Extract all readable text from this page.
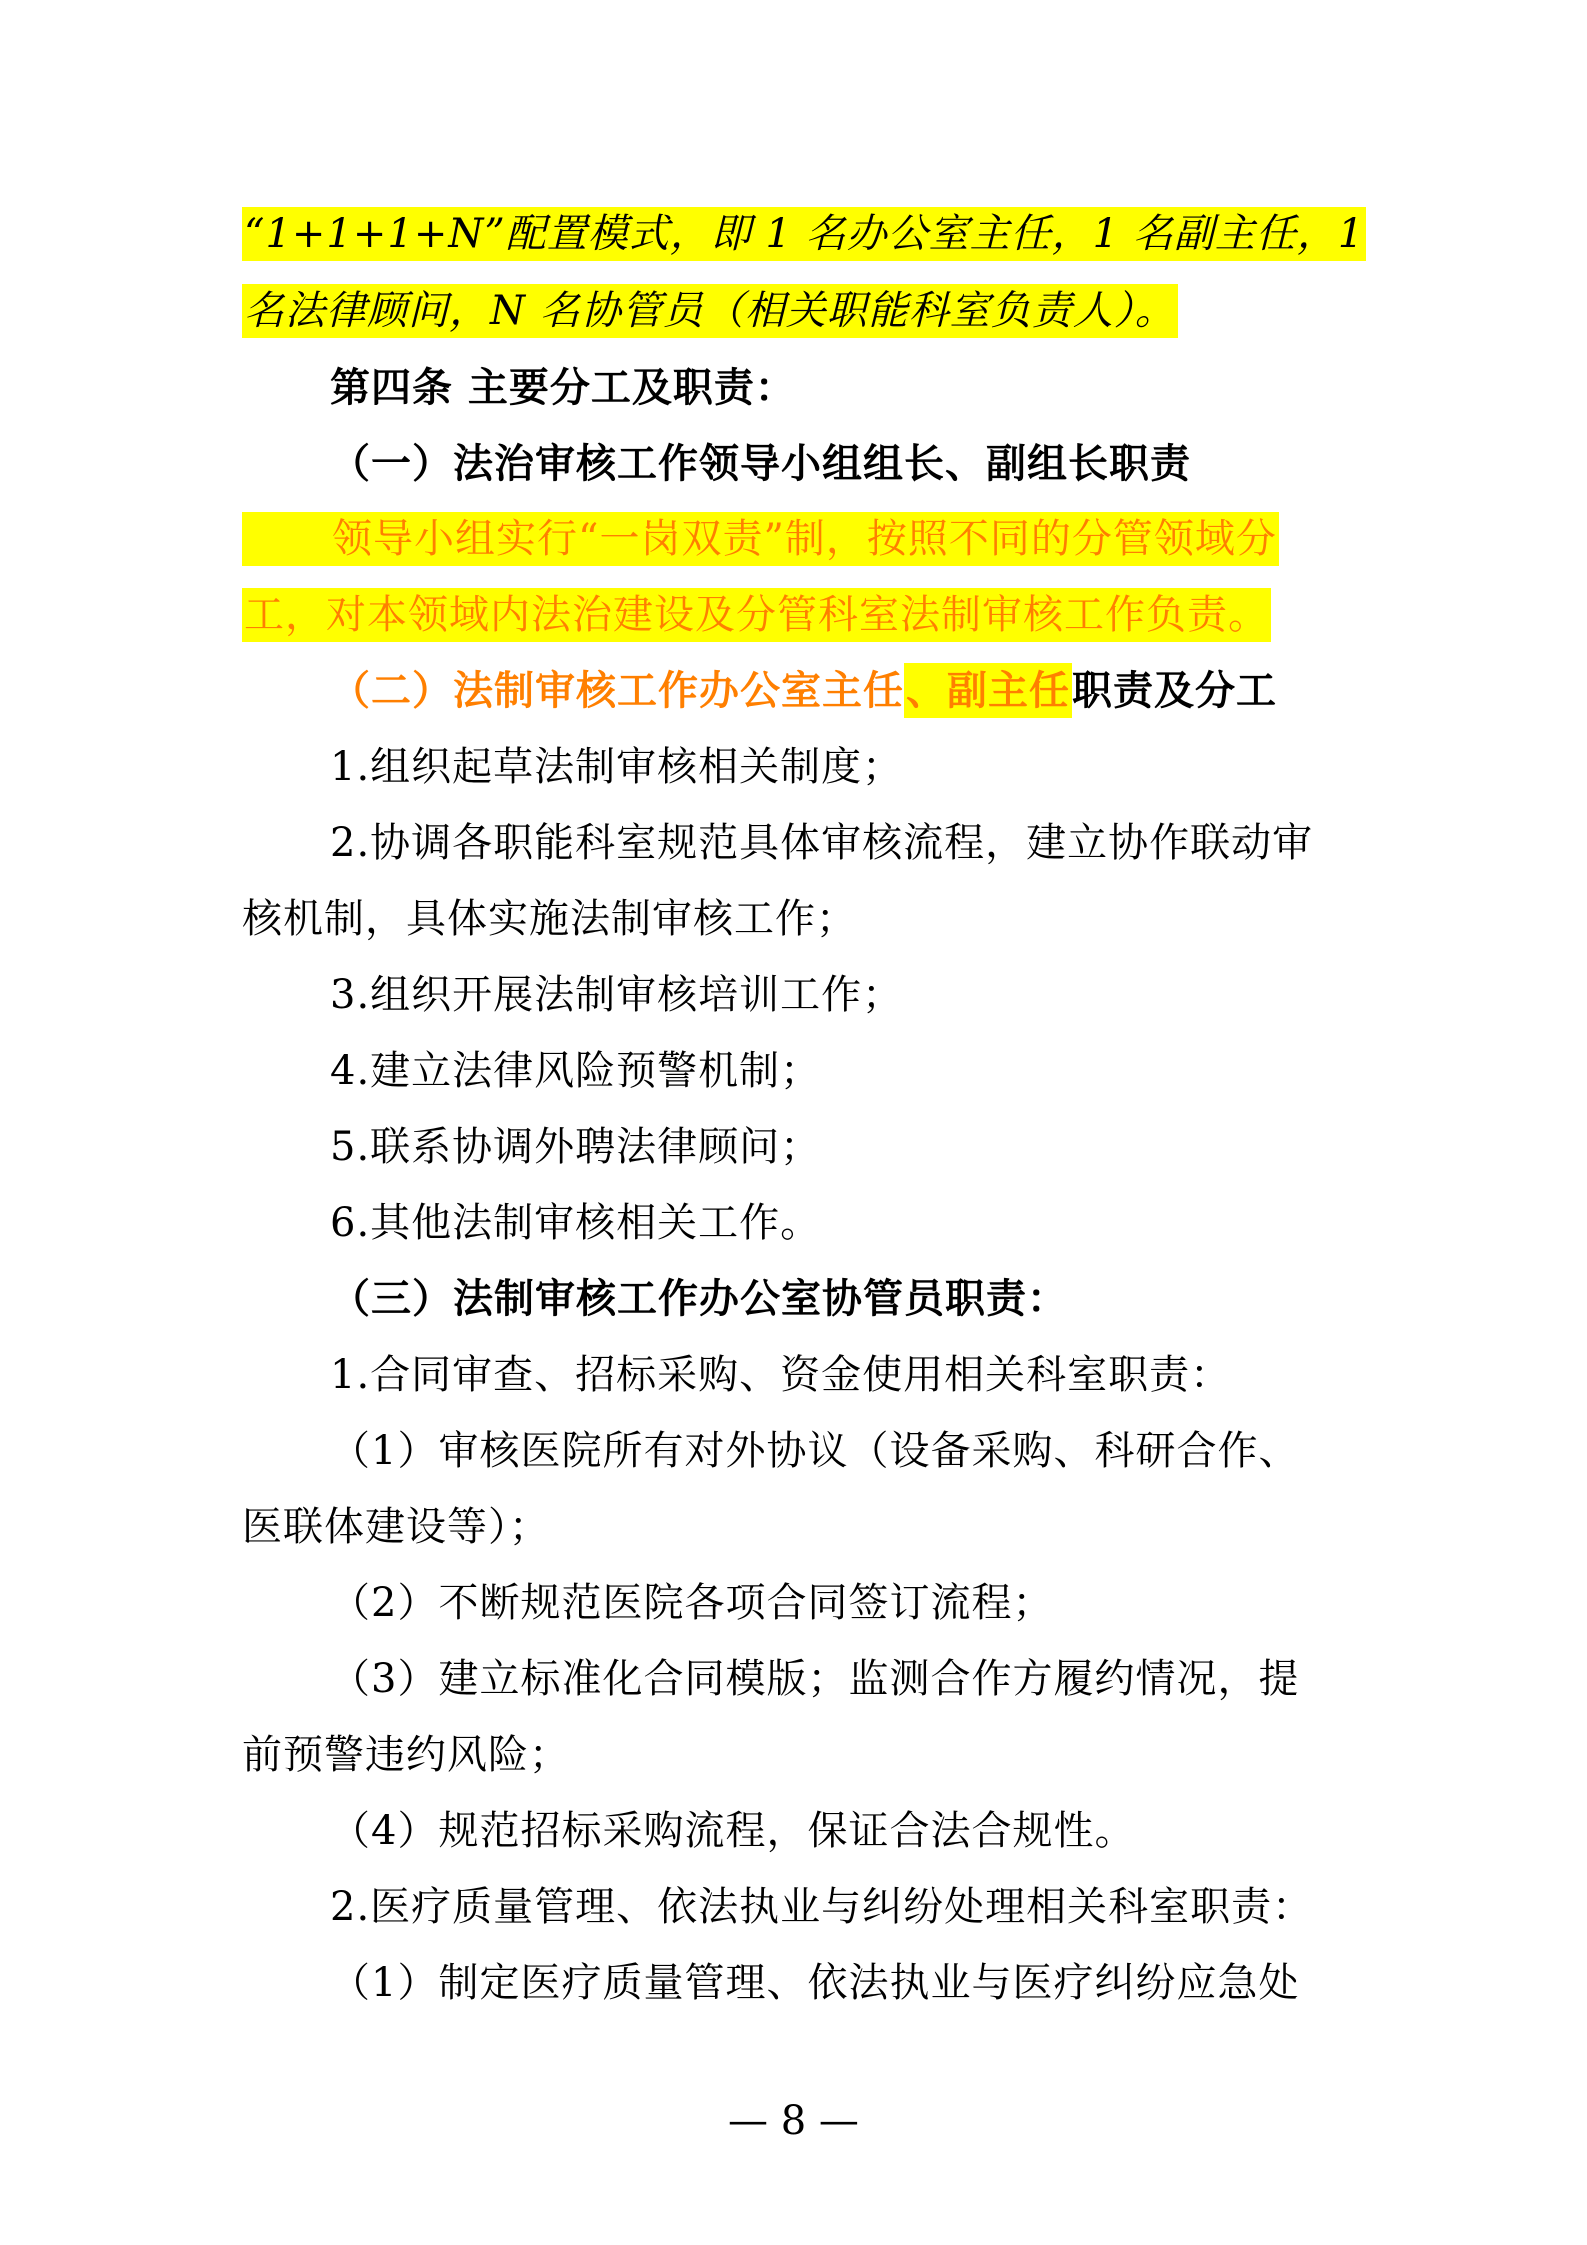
“1+1+1+N”配置模式，即 1 名办公室主任，1 名副主任，1
名法律顾问，N 名协管员（相关职能科室负责人）。
第四条 主要分工及职责：
（一）法治审核工作领导小组组长、副组长职责
领导小组实行“一岗双责”制，按照不同的分管领域分
工，对本领域内法治建设及分管科室法制审核工作负责。
（二）法制审核工作办公室主任、副主任职责及分工
1.组织起草法制审核相关制度；
2.协调各职能科室规范具体审核流程，建立协作联动审
核机制，具体实施法制审核工作；
3.组织开展法制审核培训工作；
4.建立法律风险预警机制；
5.联系协调外聘法律顾问；
6.其他法制审核相关工作。
（三）法制审核工作办公室协管员职责：
1.合同审查、招标采购、资金使用相关科室职责：
（1）审核医院所有对外协议（设备采购、科研合作、
医联体建设等）；
（2）不断规范医院各项合同签订流程；
（3）建立标准化合同模版；监测合作方履约情况，提
前预警违约风险；
（4）规范招标采购流程，保证合法合规性。
2.医疗质量管理、依法执业与纠纷处理相关科室职责：
（1）制定医疗质量管理、依法执业与医疗纠纷应急处
— 8 —
